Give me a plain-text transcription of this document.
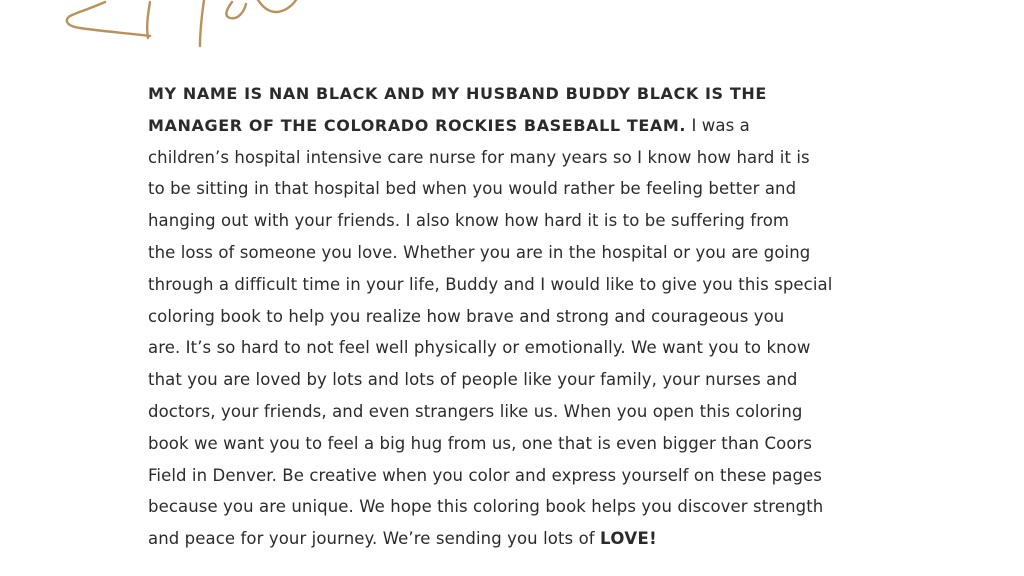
MY NAME IS NAN BLACK AND MY HUSBAND BUDDY BLACK IS THE
MANAGER OF THE COLORADO ROCKIES BASEBALL TEAM. I was a
children’s hospital intensive care nurse for many years so I know how hard it is
to be sitting in that hospital bed when you would rather be feeling better and
hanging out with your friends. I also know how hard it is to be suffering from
the loss of someone you love. Whether you are in the hospital or you are going
through a difficult time in your life, Buddy and I would like to give you this special
coloring book to help you realize how brave and strong and courageous you
are. It’s so hard to not feel well physically or emotionally. We want you to know
that you are loved by lots and lots of people like your family, your nurses and
doctors, your friends, and even strangers like us. When you open this coloring
book we want you to feel a big hug from us, one that is even bigger than Coors
Field in Denver. Be creative when you color and express yourself on these pages
because you are unique. We hope this coloring book helps you discover strength
and peace for your journey. We’re sending you lots of LOVE!
